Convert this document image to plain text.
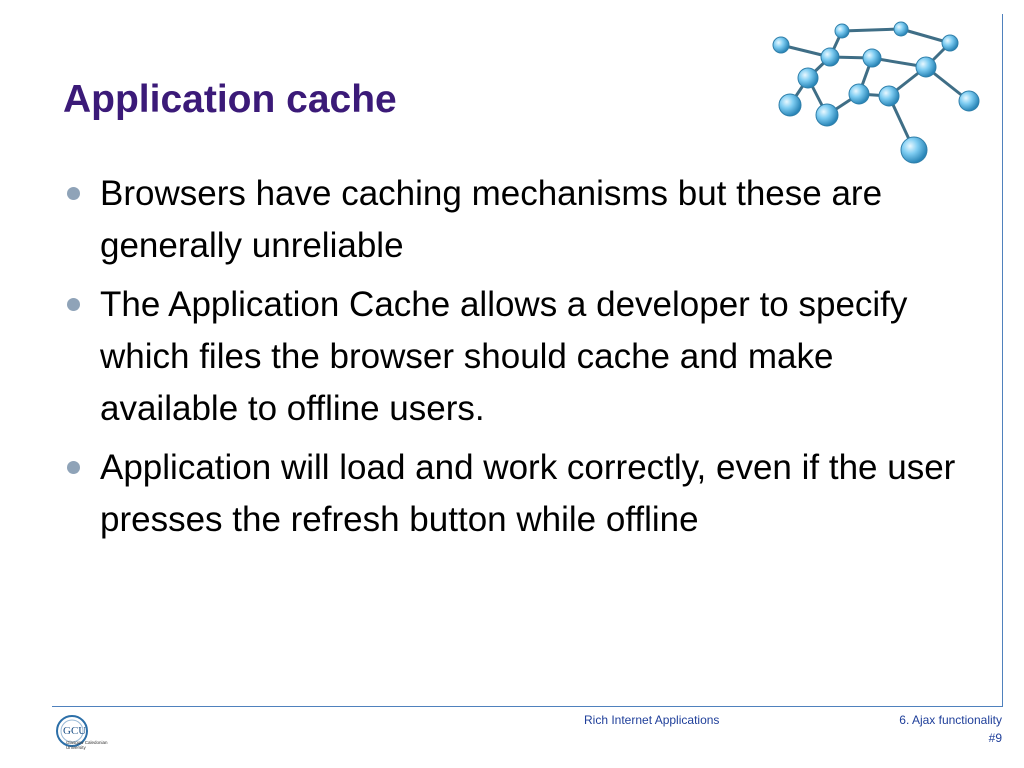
Application cache
Browsers have caching mechanisms but these are generally unreliable
The Application Cache allows a developer to specify which files the browser should cache and make available to offline users.
Application will load and work correctly, even if the user presses the refresh button while offline
GCU
Glasgow Caledonian
University
Rich Internet Applications	6. Ajax functionality
#9
